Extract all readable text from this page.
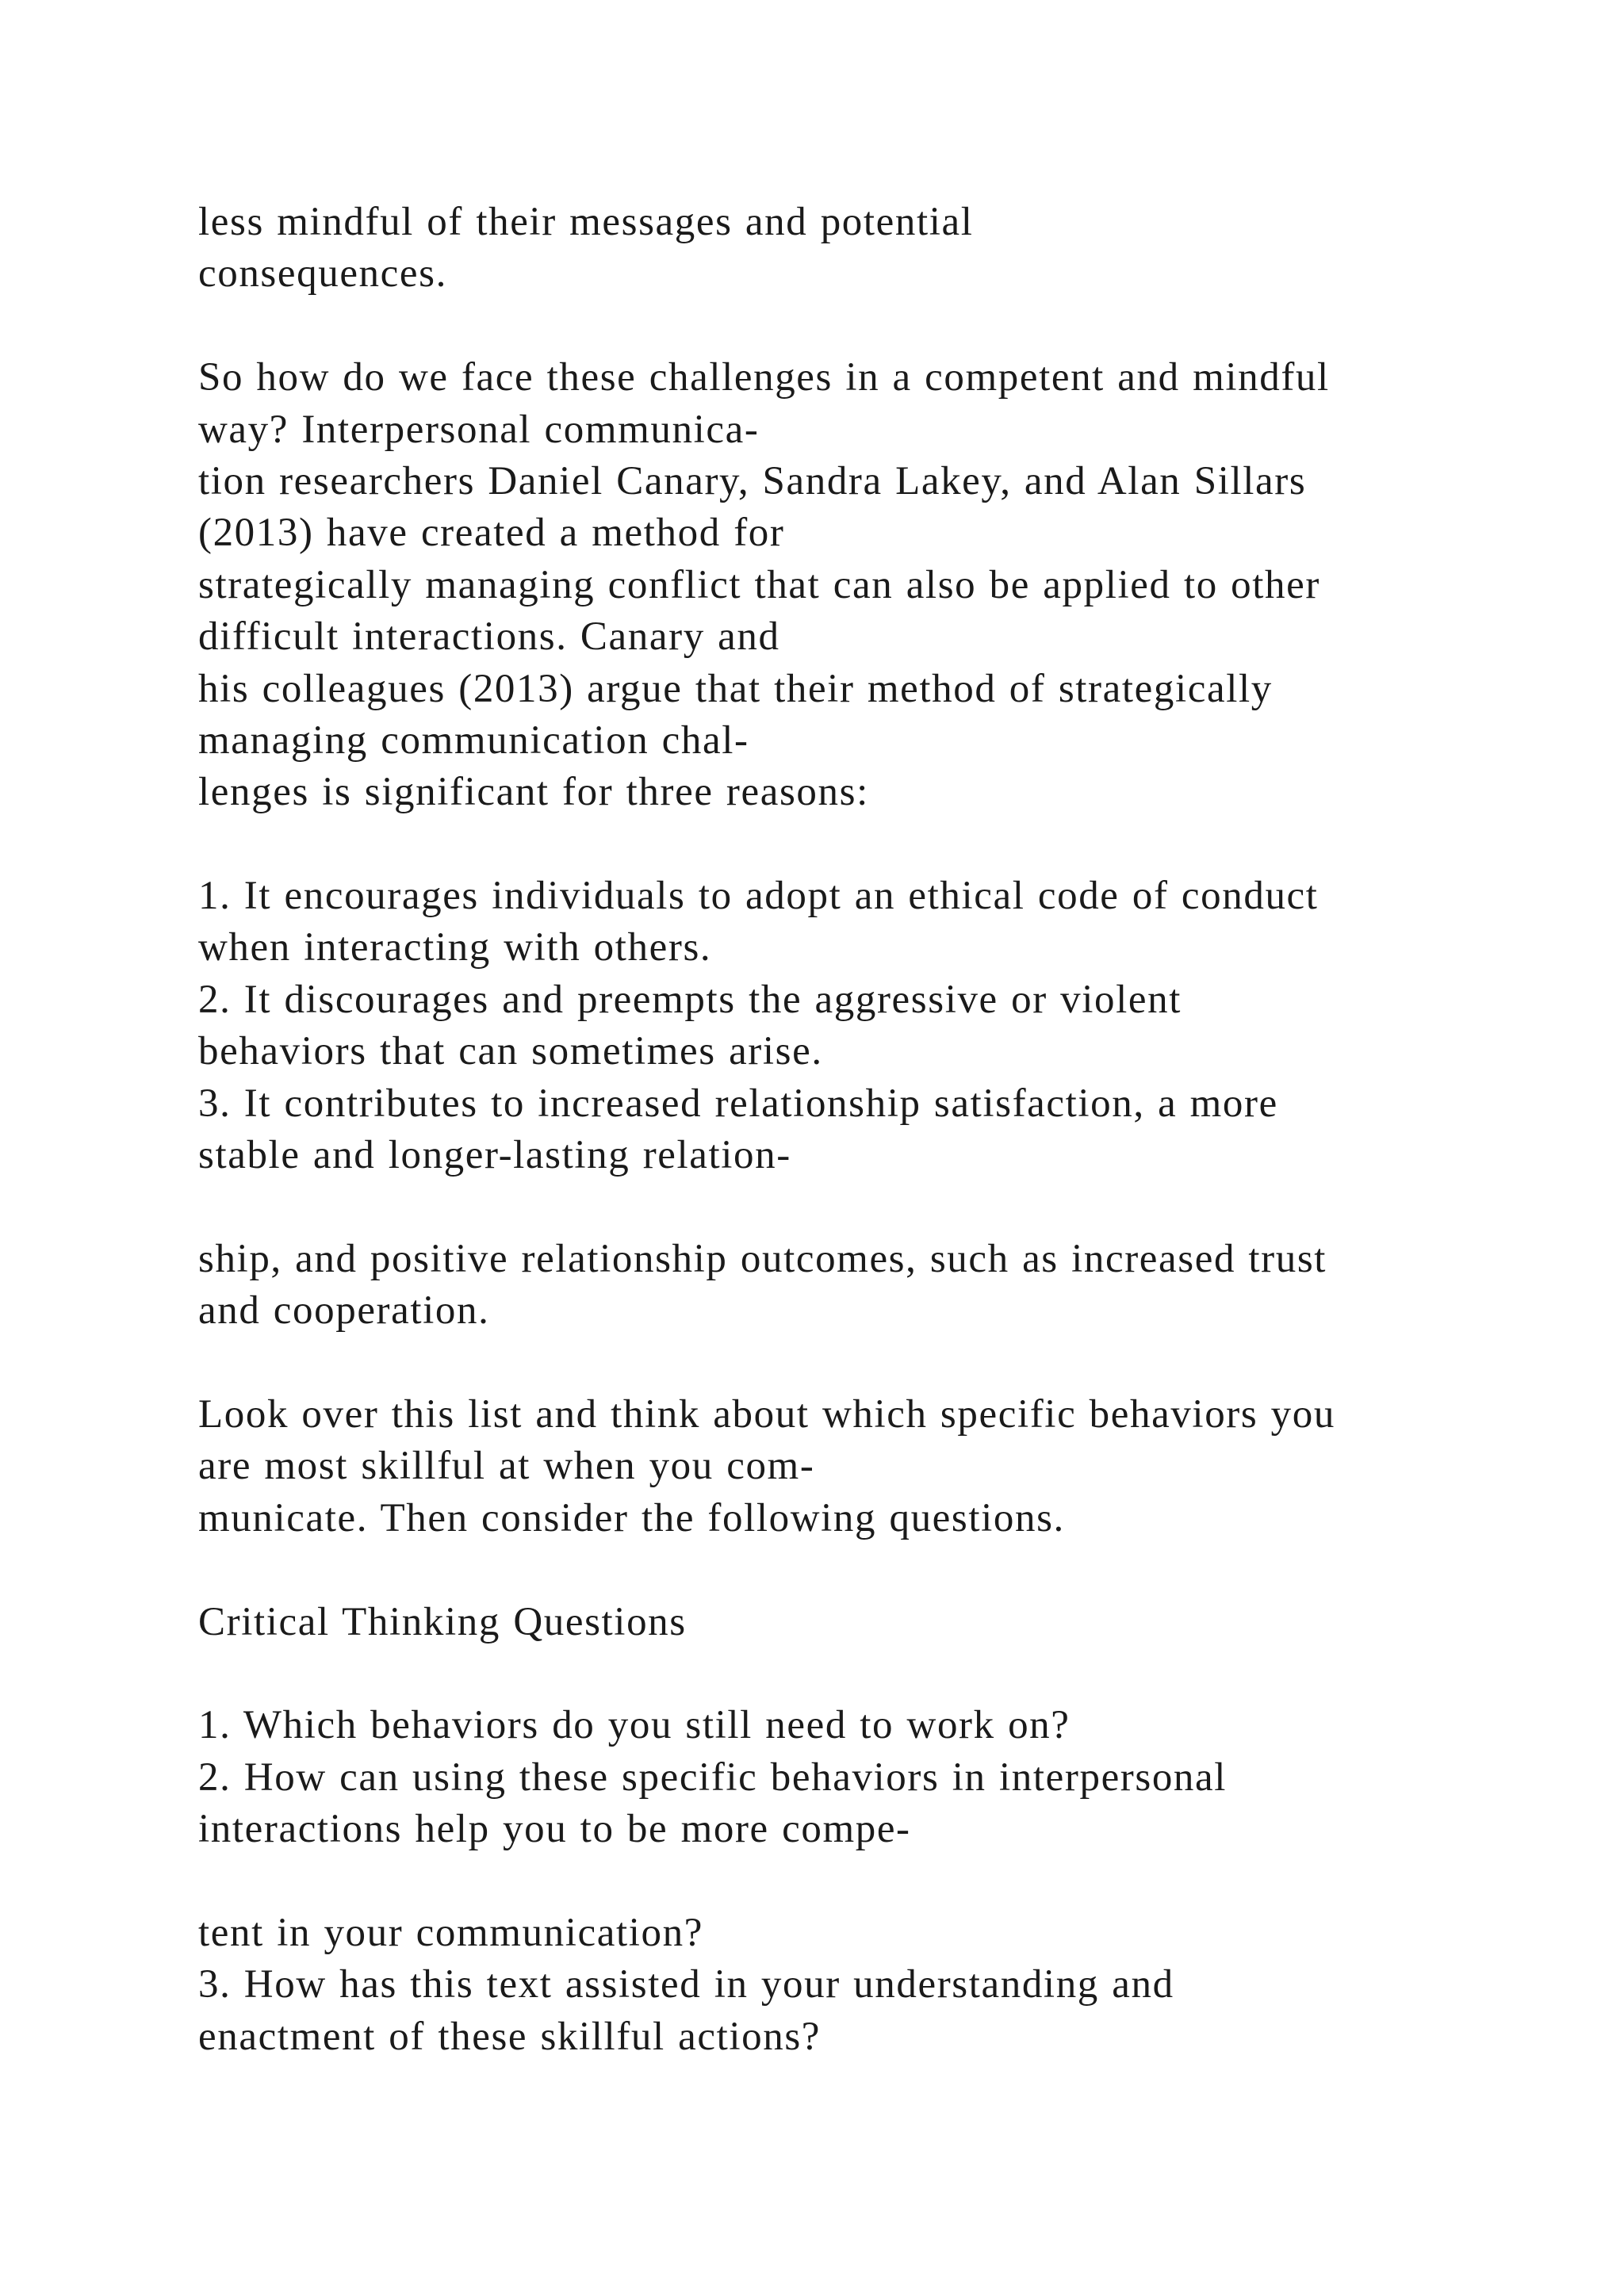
less mindful of their messages and potential
consequences.
So how do we face these challenges in a competent and mindful
way? Interpersonal communica-
tion researchers Daniel Canary, Sandra Lakey, and Alan Sillars
(2013) have created a method for
strategically managing conflict that can also be applied to other
difficult interactions. Canary and
his colleagues (2013) argue that their method of strategically
managing communication chal-
lenges is significant for three reasons:
1. It encourages individuals to adopt an ethical code of conduct
when interacting with others.
2. It discourages and preempts the aggressive or violent
behaviors that can sometimes arise.
3. It contributes to increased relationship satisfaction, a more
stable and longer-lasting relation-
ship, and positive relationship outcomes, such as increased trust
and cooperation.
Look over this list and think about which specific behaviors you
are most skillful at when you com-
municate. Then consider the following questions.
Critical Thinking Questions
1. Which behaviors do you still need to work on?
2. How can using these specific behaviors in interpersonal
interactions help you to be more compe-
tent in your communication?
3. How has this text assisted in your understanding and
enactment of these skillful actions?
